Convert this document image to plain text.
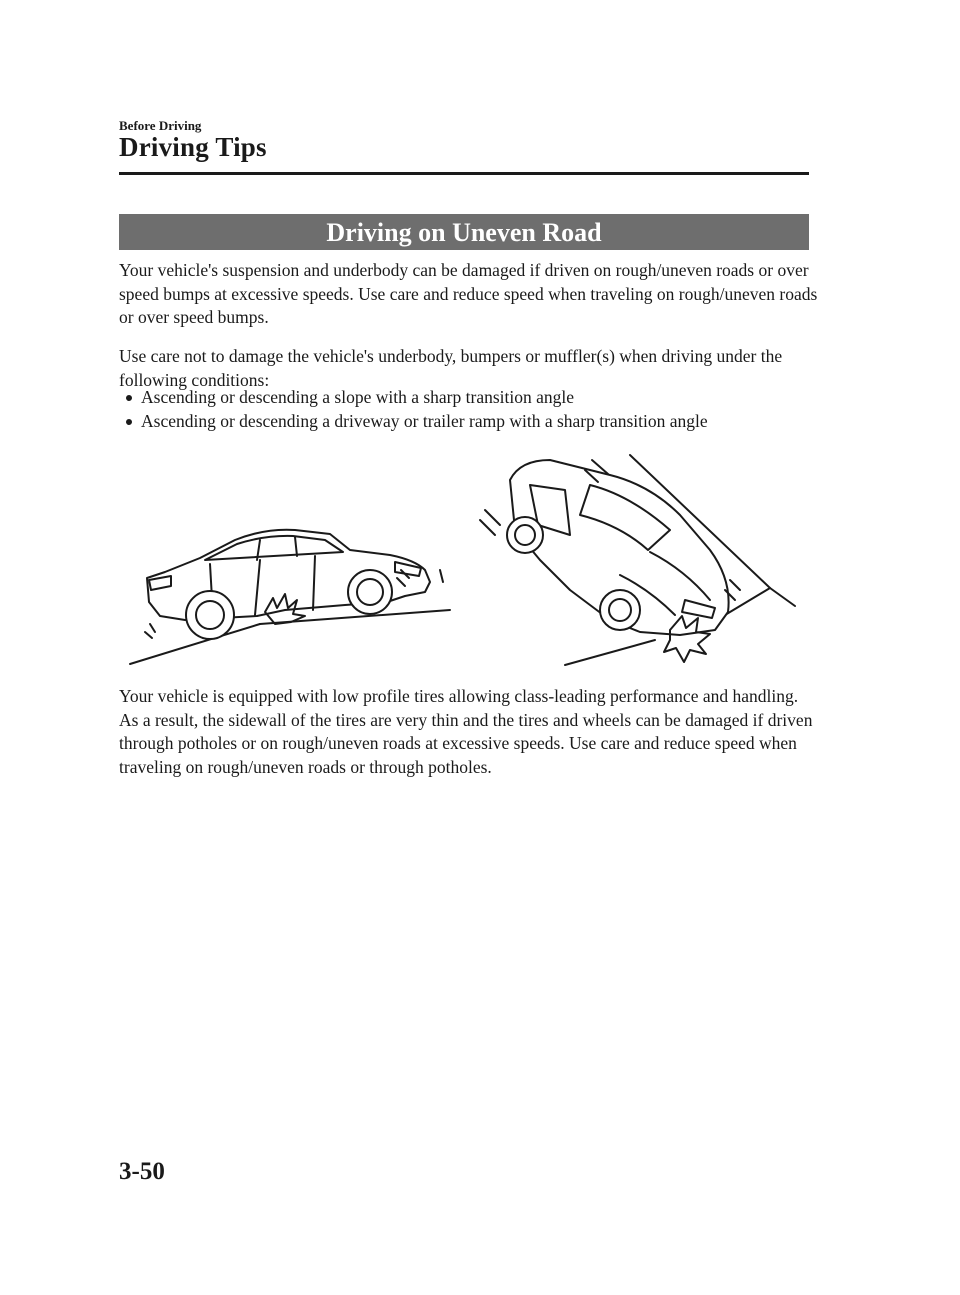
Before Driving
Driving Tips
Driving on Uneven Road

Your vehicle's suspension and underbody can be damaged if driven on rough/uneven roads or over speed bumps at excessive speeds. Use care and reduce speed when traveling on rough/uneven roads or over speed bumps.

Use care not to damage the vehicle's underbody, bumpers or muffler(s) when driving under the following conditions:

Ascending or descending a slope with a sharp transition angle
Ascending or descending a driveway or trailer ramp with a sharp transition angle

Your vehicle is equipped with low profile tires allowing class-leading performance and handling. As a result, the sidewall of the tires are very thin and the tires and wheels can be damaged if driven through potholes or on rough/uneven roads at excessive speeds. Use care and reduce speed when traveling on rough/uneven roads or through potholes.

3-50
